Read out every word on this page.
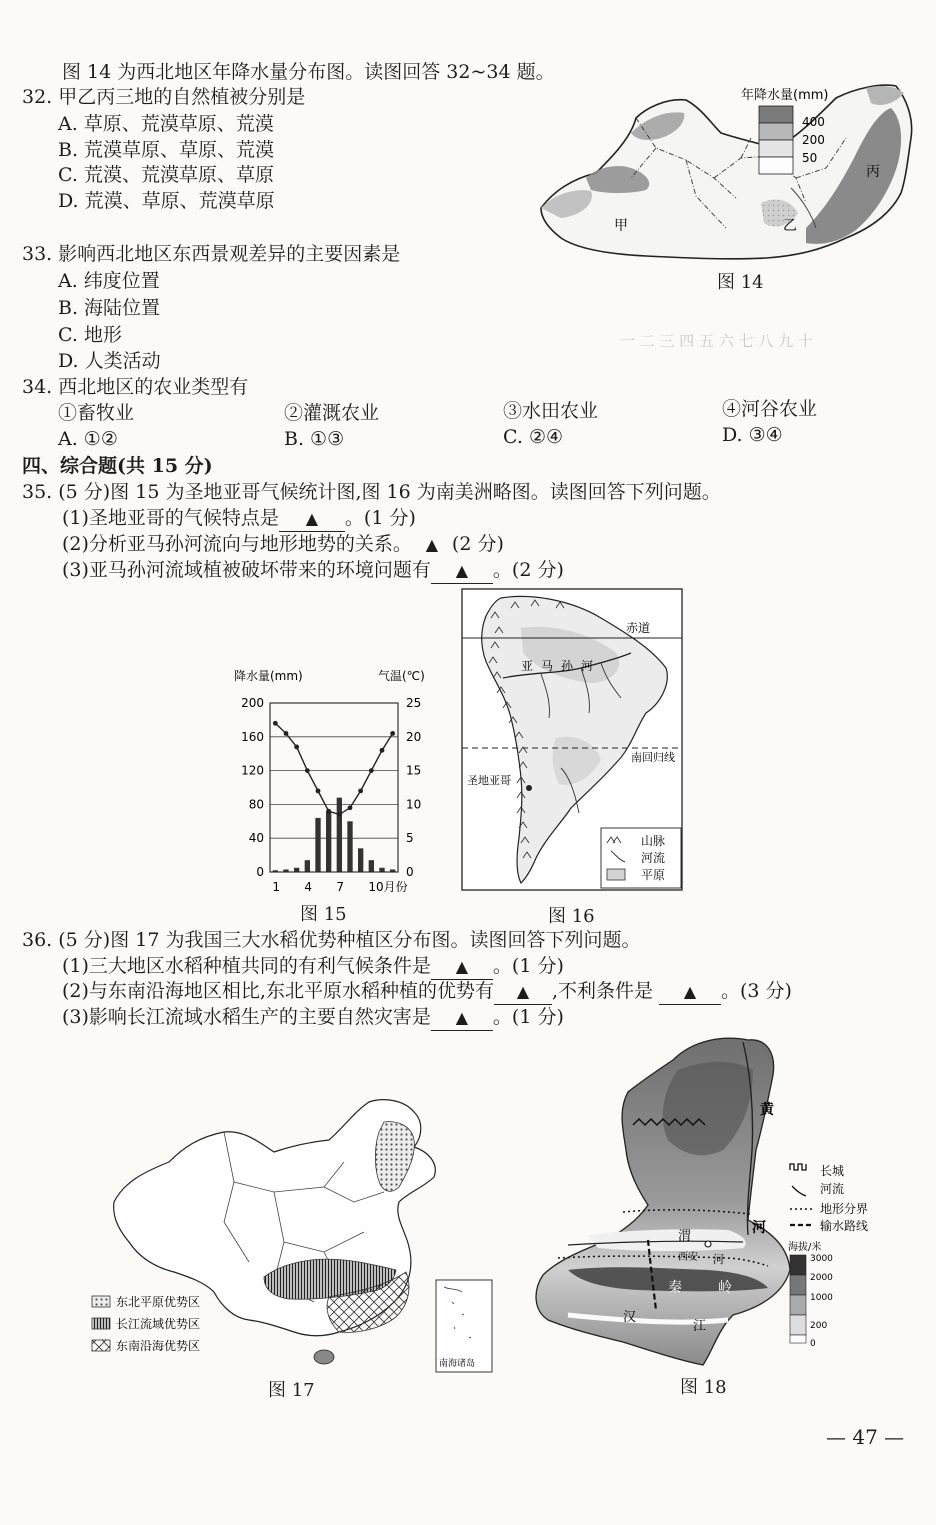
一 二 三 四 五 六 七 八 九 十
图 14 为西北地区年降水量分布图。读图回答 32~34 题。
32. 甲乙丙三地的自然植被分别是
A. 草原、荒漠草原、荒漠
B. 荒漠草原、草原、荒漠
C. 荒漠、荒漠草原、草原
D. 荒漠、草原、荒漠草原
33. 影响西北地区东西景观差异的主要因素是
A. 纬度位置
B. 海陆位置
C. 地形
D. 人类活动
34. 西北地区的农业类型有
①畜牧业	②灌溉农业	③水田农业	④河谷农业
A. ①②	B. ①③	C. ②④	D. ③④
四、综合题(共 15 分)
35. (5 分)图 15 为圣地亚哥气候统计图,图 16 为南美洲略图。读图回答下列问题。
(1)圣地亚哥的气候特点是 ▲ 。(1 分)
(2)分析亚马孙河流向与地形地势的关系。 ▲ (2 分)
(3)亚马孙河流域植被破坏带来的环境问题有 ▲ 。(2 分)
36. (5 分)图 17 为我国三大水稻优势种植区分布图。读图回答下列问题。
(1)三大地区水稻种植共同的有利气候条件是 ▲ 。(1 分)
(2)与东南沿海地区相比,东北平原水稻种植的优势有 ▲ ,不利条件是 ▲ 。(3 分)
(3)影响长江流域水稻生产的主要自然灾害是 ▲ 。(1 分)
甲	乙
丙
年降水量(mm)
400
200
50
图 14
降水量(mm)	气温(℃)
0
40
80
120
160
200
0
5
10
15
20
25
1 4 7 10月份
图 15
赤道
南回归线
亚马孙河
圣地亚哥
山脉
河流
平原
图 16
南海诸岛
东北平原优势区
长江流域优势区
东南沿海优势区
图 17
黄
河
渭
西安 河
秦	岭
汉
江
长城
河流
地形分界
输水路线
海拔/米
3000
2000
1000
200
0
图 18
— 47 —
